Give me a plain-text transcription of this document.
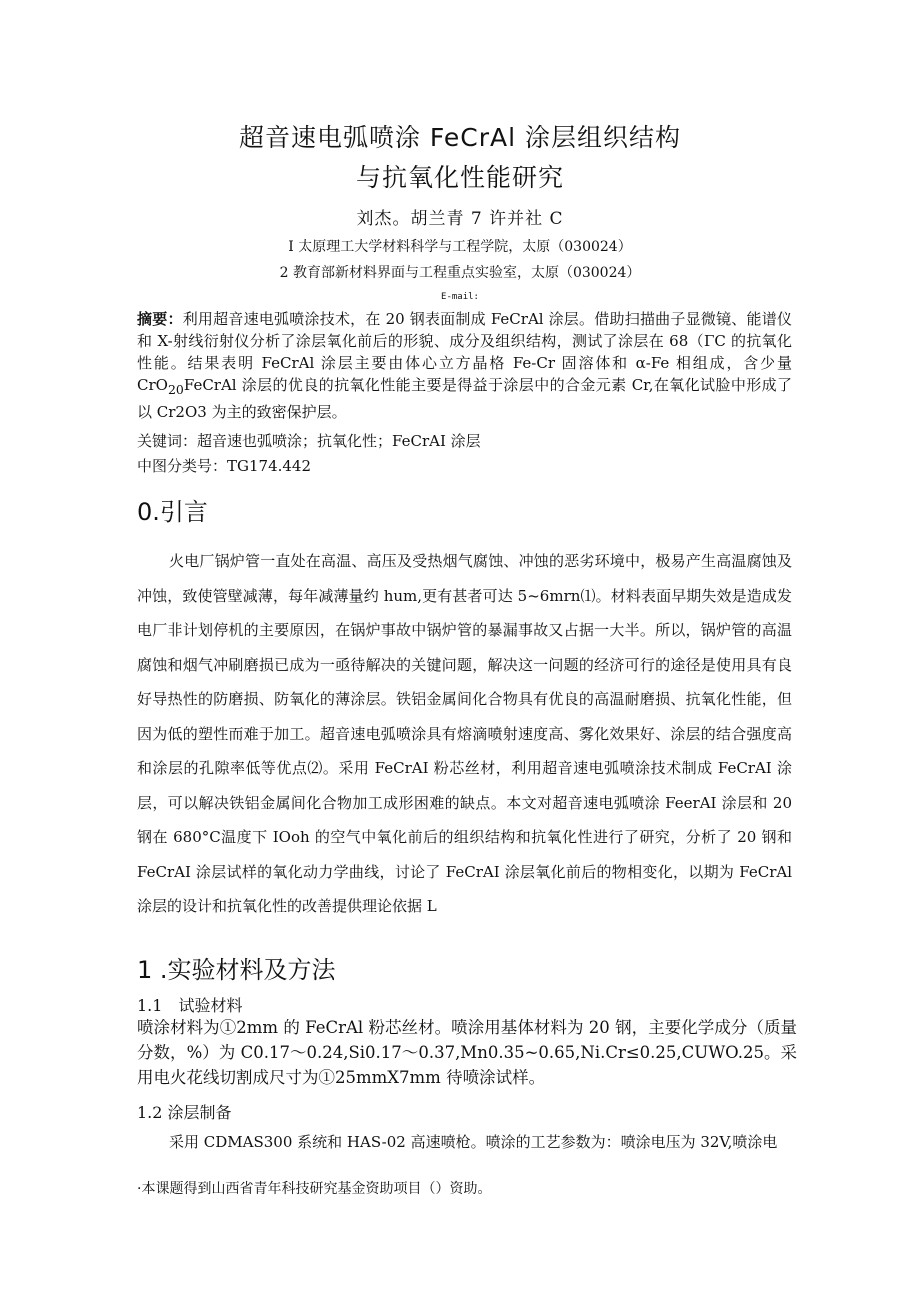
超音速电弧喷涂 FeCrAl 涂层组织结构
与抗氧化性能研究
刘杰。胡兰青 7 许并社 C
I 太原理工大学材料科学与工程学院，太原（030024）
2 教育部新材料界面与工程重点实验室，太原（030024）
E-mail:
摘要：利用超音速电弧喷涂技术，在 20 钢表面制成 FeCrAl 涂层。借助扫描曲子显微镜、能谱仪和 X-射线衍射仪分析了涂层氧化前后的形貌、成分及组织结构，测试了涂层在 68（ΓC 的抗氧化性能。结果表明 FeCrAl 涂层主要由体心立方晶格 Fe-Cr 固溶体和 α-Fe 相组成，含少量 CrO$_{20}$FeCrAl 涂层的优良的抗氧化性能主要是得益于涂层中的合金元素 Cr,在氧化试脸中形成了以 Cr2O3 为主的致密保护层。
关键词：超音速也弧喷涂；抗氧化性；FeCrAI 涂层
中图分类号：TG174.442
0.引言
火电厂锅炉管一直处在高温、高压及受热烟气腐蚀、冲蚀的恶劣环境中，极易产生高温腐蚀及冲蚀，致使管壁减薄，每年减薄量约 hum,更有甚者可达 5~6mrn⑴。材料表面早期失效是造成发电厂非计划停机的主要原因，在锅炉事故中锅炉管的暴漏事故又占据一大半。所以，锅炉管的高温腐蚀和烟气冲刷磨损已成为一亟待解决的关键问题，解决这一问题的经济可行的途径是使用具有良好导热性的防磨损、防氧化的薄涂层。铁铝金属间化合物具有优良的高温耐磨损、抗氧化性能，但因为低的塑性而难于加工。超音速电弧喷涂具有熔滴喷射速度高、雾化效果好、涂层的结合强度高和涂层的孔隙率低等优点⑵。采用 FeCrAI 粉芯丝材，利用超音速电弧喷涂技术制成 FeCrAI 涂层，可以解决铁铝金属间化合物加工成形困难的缺点。本文对超音速电弧喷涂 FeerAI 涂层和 20 钢在 680°C温度下 IOoh 的空气中氧化前后的组织结构和抗氧化性进行了研究，分析了 20 钢和 FeCrAI 涂层试样的氧化动力学曲线，讨论了 FeCrAI 涂层氧化前后的物相变化，以期为 FeCrAl 涂层的设计和抗氧化性的改善提供理论依据 L
1 .实验材料及方法
1.1　试验材料
喷涂材料为①2mm 的 FeCrAl 粉芯丝材。喷涂用基体材料为 20 钢，主要化学成分（质量分数，%）为 C0.17～0.24,Si0.17～0.37,Mn0.35~0.65,Ni.Cr≤0.25,CUWO.25。采用电火花线切割成尺寸为①25mmX7mm 待喷涂试样。
1.2 涂层制备
采用 CDMAS300 系统和 HAS-02 高速喷枪。喷涂的工艺参数为：喷涂电压为 32V,喷涂电
·本课题得到山西省青年科技研究基金资助项目（）资助。
